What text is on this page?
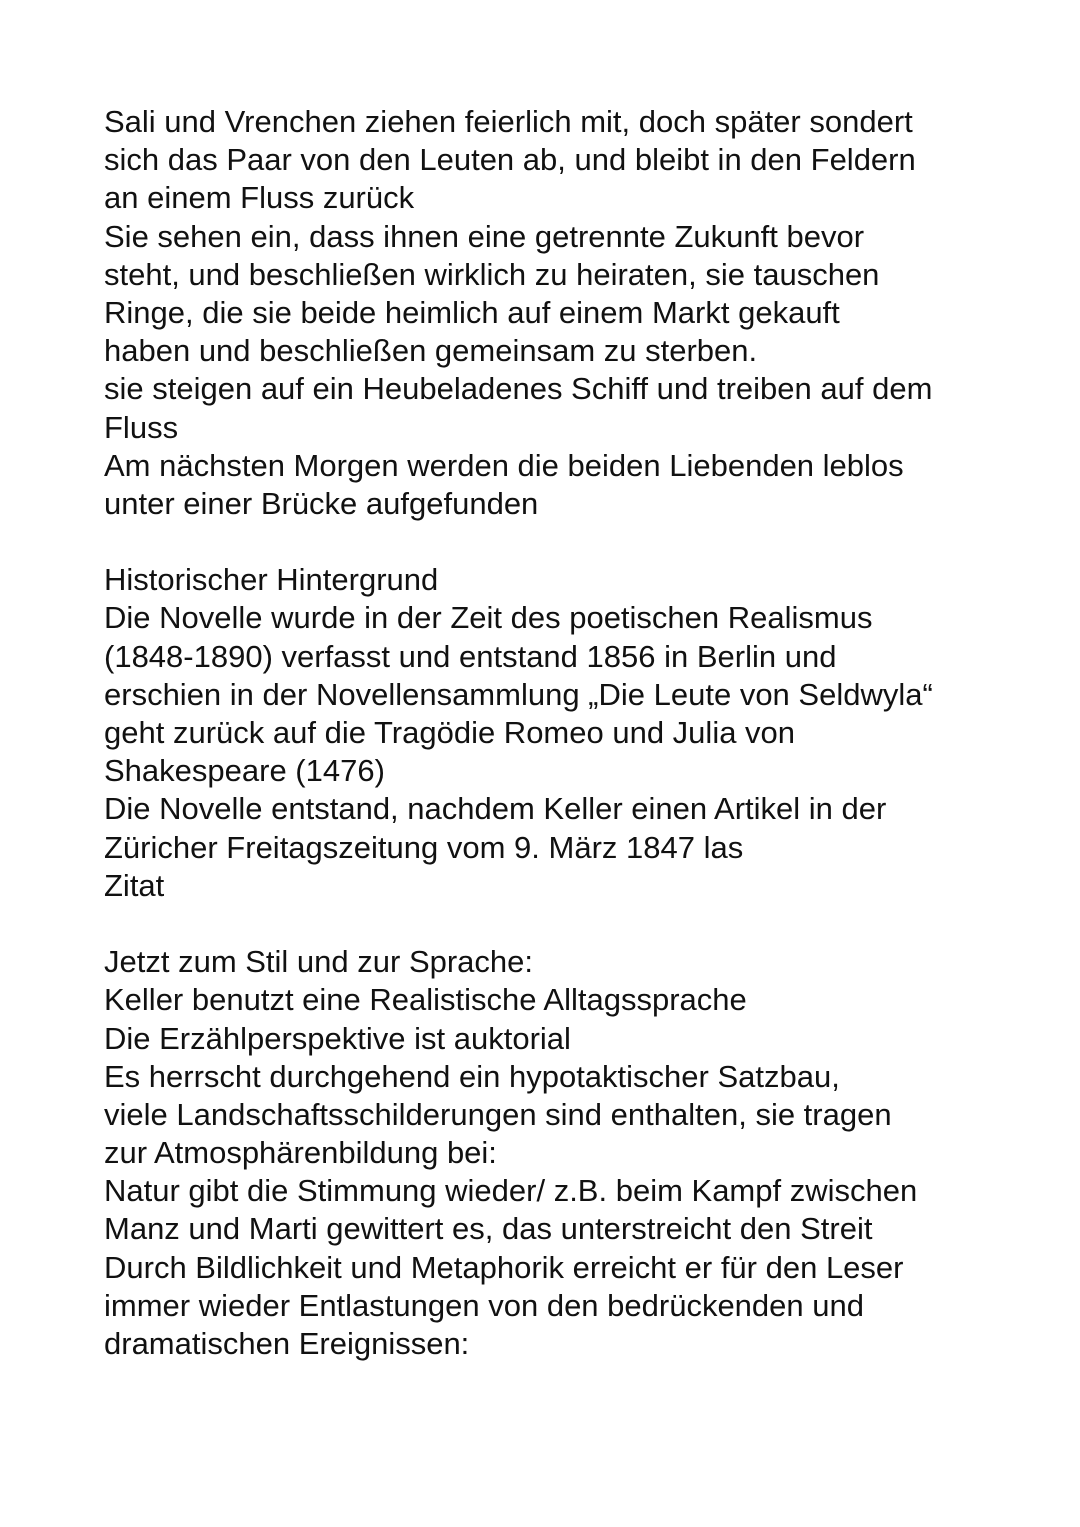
Sali und Vrenchen ziehen feierlich mit, doch später sondert
sich das Paar von den Leuten ab, und bleibt in den Feldern
an einem Fluss zurück
Sie sehen ein, dass ihnen eine getrennte Zukunft bevor
steht, und beschließen wirklich zu heiraten, sie tauschen
Ringe, die sie beide heimlich auf einem Markt gekauft
haben und beschließen gemeinsam zu sterben.
sie steigen auf ein Heubeladenes Schiff und treiben auf dem
Fluss
Am nächsten Morgen werden die beiden Liebenden leblos
unter einer Brücke aufgefunden
Historischer Hintergrund
Die Novelle wurde in der Zeit des poetischen Realismus
(1848-1890) verfasst und entstand 1856 in Berlin und
erschien in der Novellensammlung „Die Leute von Seldwyla“
geht zurück auf die Tragödie Romeo und Julia von
Shakespeare (1476)
Die Novelle entstand, nachdem Keller einen Artikel in der
Züricher Freitagszeitung vom 9. März 1847 las
Zitat
Jetzt zum Stil und zur Sprache:
Keller benutzt eine Realistische Alltagssprache
Die Erzählperspektive ist auktorial
Es herrscht durchgehend ein hypotaktischer Satzbau,
viele Landschaftsschilderungen sind enthalten, sie tragen
zur Atmosphärenbildung bei:
Natur gibt die Stimmung wieder/ z.B. beim Kampf zwischen
Manz und Marti gewittert es, das unterstreicht den Streit
Durch Bildlichkeit und Metaphorik erreicht er für den Leser
immer wieder Entlastungen von den bedrückenden und
dramatischen Ereignissen:
